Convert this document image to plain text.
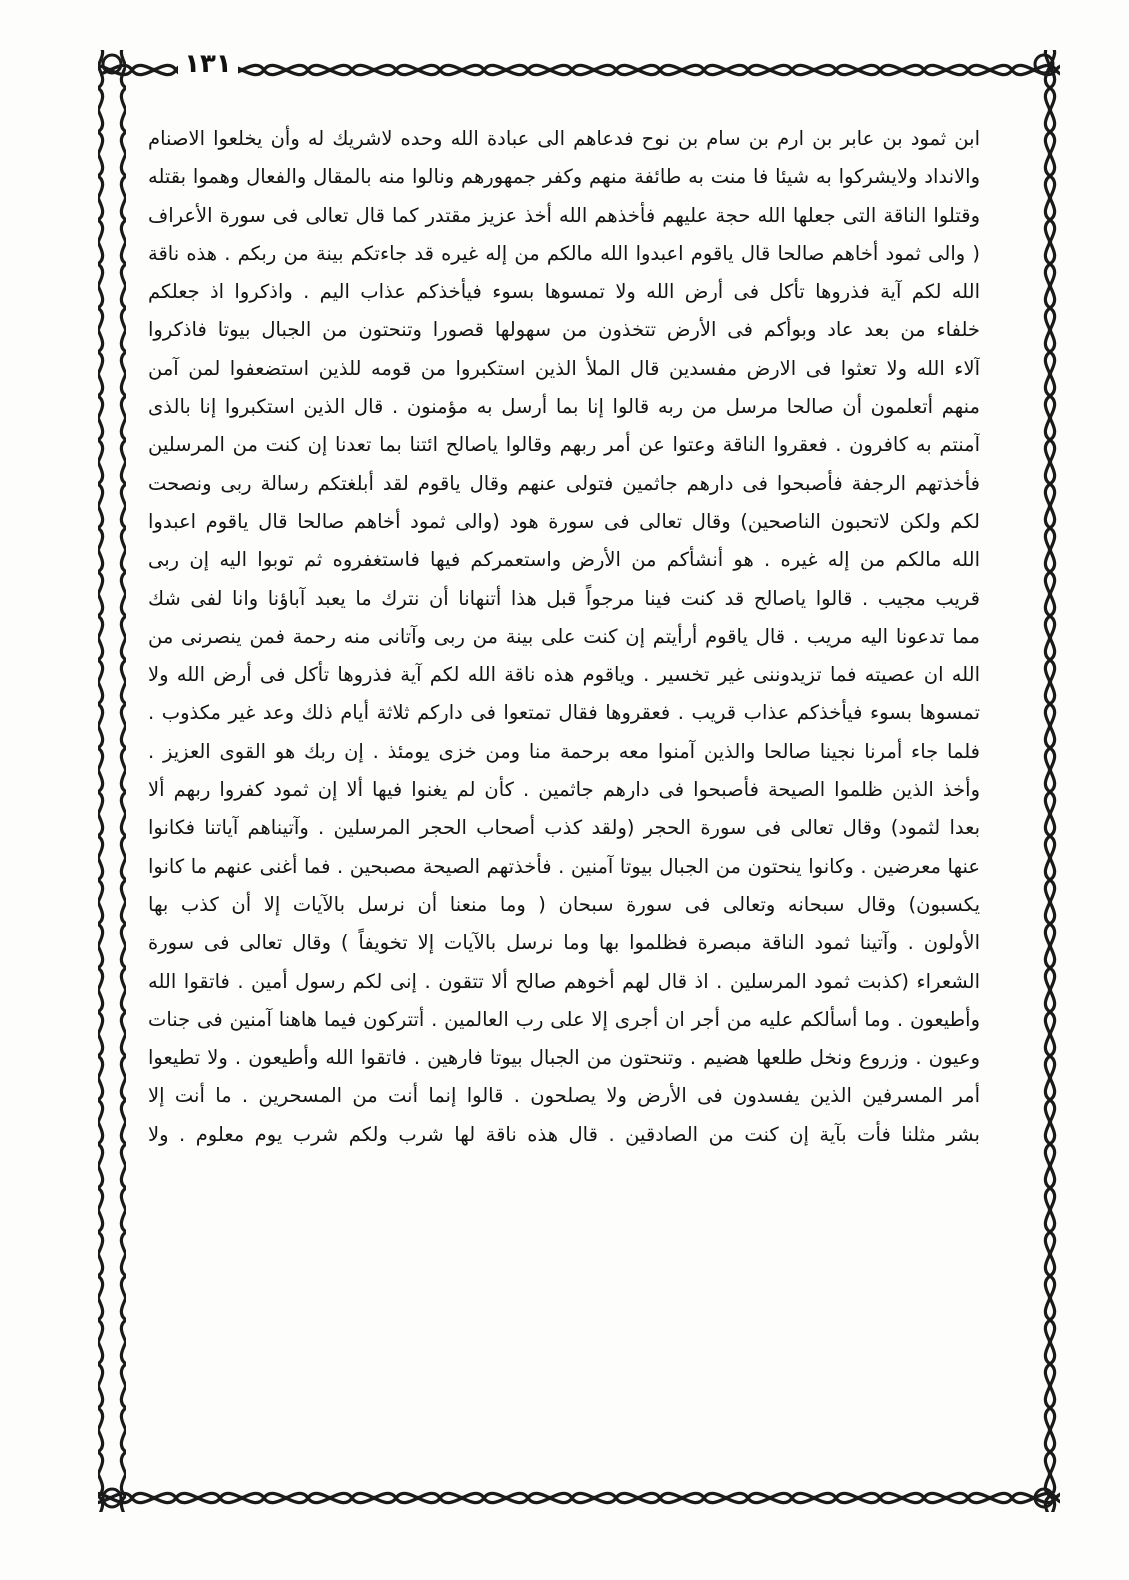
١٣١
ابن ثمود بن عابر بن ارم بن سام بن نوح فدعاهم الى عبادة الله وحده لاشريك له وأن يخلعوا الاصنام
والانداد ولايشركوا به شيئا فا منت به طائفة منهم وكفر جمهورهم ونالوا منه بالمقال والفعال وهموا بقتله
وقتلوا الناقة التى جعلها الله حجة عليهم فأخذهم الله أخذ عزيز مقتدر كما قال تعالى فى سورة الأعراف
( والى ثمود أخاهم صالحا قال ياقوم اعبدوا الله مالكم من إله غيره قد جاءتكم بينة من ربكم . هذه ناقة
الله لكم آية فذروها تأكل فى أرض الله ولا تمسوها بسوء فيأخذكم عذاب اليم . واذكروا اذ جعلكم
خلفاء من بعد عاد وبوأكم فى الأرض تتخذون من سهولها قصورا وتنحتون من الجبال بيوتا فاذكروا
آلاء الله ولا تعثوا فى الارض مفسدين قال الملأ الذين استكبروا من قومه للذين استضعفوا لمن آمن
منهم أتعلمون أن صالحا مرسل من ربه قالوا إنا بما أرسل به مؤمنون . قال الذين استكبروا إنا بالذى
آمنتم به كافرون . فعقروا الناقة وعتوا عن أمر ربهم وقالوا ياصالح ائتنا بما تعدنا إن كنت من المرسلين
فأخذتهم الرجفة فأصبحوا فى دارهم جاثمين فتولى عنهم وقال ياقوم لقد أبلغتكم رسالة ربى ونصحت
لكم ولكن لاتحبون الناصحين) وقال تعالى فى سورة هود (والى ثمود أخاهم صالحا قال ياقوم اعبدوا
الله مالكم من إله غيره . هو أنشأكم من الأرض واستعمركم فيها فاستغفروه ثم توبوا اليه إن ربى
قريب مجيب . قالوا ياصالح قد كنت فينا مرجواً قبل هذا أتنهانا أن نترك ما يعبد آباؤنا وانا لفى شك
مما تدعونا اليه مريب . قال ياقوم أرأيتم إن كنت على بينة من ربى وآتانى منه رحمة فمن ينصرنى من
الله ان عصيته فما تزيدوننى غير تخسير . وياقوم هذه ناقة الله لكم آية فذروها تأكل فى أرض الله ولا
تمسوها بسوء فيأخذكم عذاب قريب . فعقروها فقال تمتعوا فى داركم ثلاثة أيام ذلك وعد غير مكذوب .
فلما جاء أمرنا نجينا صالحا والذين آمنوا معه برحمة منا ومن خزى يومئذ . إن ربك هو القوى العزيز .
وأخذ الذين ظلموا الصيحة فأصبحوا فى دارهم جاثمين . كأن لم يغنوا فيها ألا إن ثمود كفروا ربهم ألا
بعدا لثمود) وقال تعالى فى سورة الحجر (ولقد كذب أصحاب الحجر المرسلين . وآتيناهم آياتنا فكانوا
عنها معرضين . وكانوا ينحتون من الجبال بيوتا آمنين . فأخذتهم الصيحة مصبحين . فما أغنى عنهم ما كانوا
يكسبون) وقال سبحانه وتعالى فى سورة سبحان ( وما منعنا أن نرسل بالآيات إلا أن كذب بها
الأولون . وآتينا ثمود الناقة مبصرة فظلموا بها وما نرسل بالآيات إلا تخويفاً ) وقال تعالى فى سورة
الشعراء (كذبت ثمود المرسلين . اذ قال لهم أخوهم صالح ألا تتقون . إنى لكم رسول أمين . فاتقوا الله
وأطيعون . وما أسألكم عليه من أجر ان أجرى إلا على رب العالمين . أتتركون فيما هاهنا آمنين فى جنات
وعيون . وزروع ونخل طلعها هضيم . وتنحتون من الجبال بيوتا فارهين . فاتقوا الله وأطيعون . ولا تطيعوا
أمر المسرفين الذين يفسدون فى الأرض ولا يصلحون . قالوا إنما أنت من المسحرين . ما أنت إلا
بشر مثلنا فأت بآية إن كنت من الصادقين . قال هذه ناقة لها شرب ولكم شرب يوم معلوم . ولا
